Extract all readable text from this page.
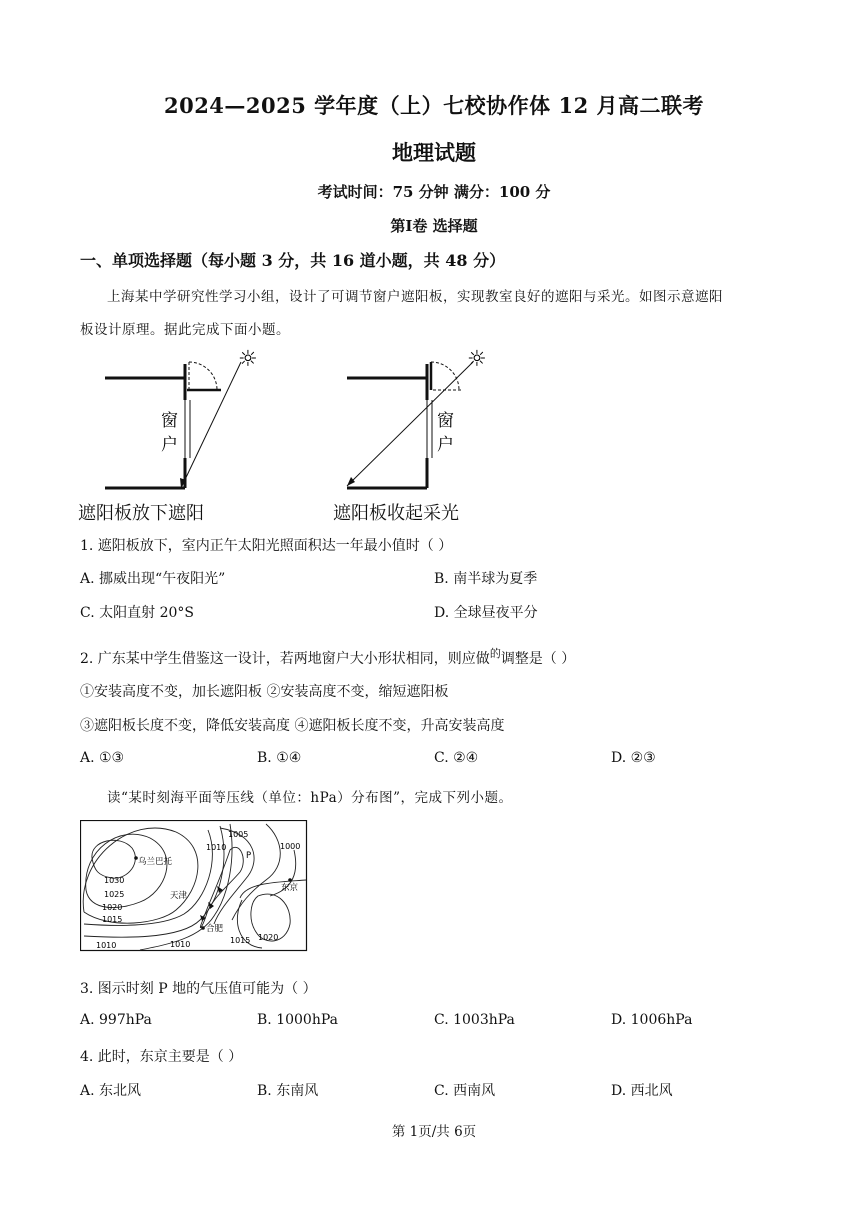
2024—2025 学年度（上）七校协作体 12 月高二联考
地理试题
考试时间：75 分钟 满分：100 分
第Ⅰ卷 选择题
一、单项选择题（每小题 3 分，共 16 道小题，共 48 分）
上海某中学研究性学习小组，设计了可调节窗户遮阳板，实现教室良好的遮阳与采光。如图示意遮阳
板设计原理。据此完成下面小题。
☼
窗
户
☼
窗
户
遮阳板放下遮阳	遮阳板收起采光
1. 遮阳板放下，室内正午太阳光照面积达一年最小值时（ ）
A. 挪威出现“午夜阳光”	B. 南半球为夏季
C. 太阳直射 20°S	D. 全球昼夜平分
2. 广东某中学生借鉴这一设计，若两地窗户大小形状相同，则应做$^的$调整是（ ）
①安装高度不变，加长遮阳板 ②安装高度不变，缩短遮阳板
③遮阳板长度不变，降低安装高度 ④遮阳板长度不变，升高安装高度
A. ①③	B. ①④	C. ②④	D. ②③
读“某时刻海平面等压线（单位：hPa）分布图”，完成下列小题。
乌兰巴托
天津
合肥
东京
P
1005
1010	1000
1030
1025
1020
1015
1010	1010	1015 1020
3. 图示时刻 P 地的气压值可能为（ ）
A. 997hPa	B. 1000hPa	C. 1003hPa	D. 1006hPa
4. 此时，东京主要是（ ）
A. 东北风	B. 东南风	C. 西南风	D. 西北风
第 1页/共 6页
